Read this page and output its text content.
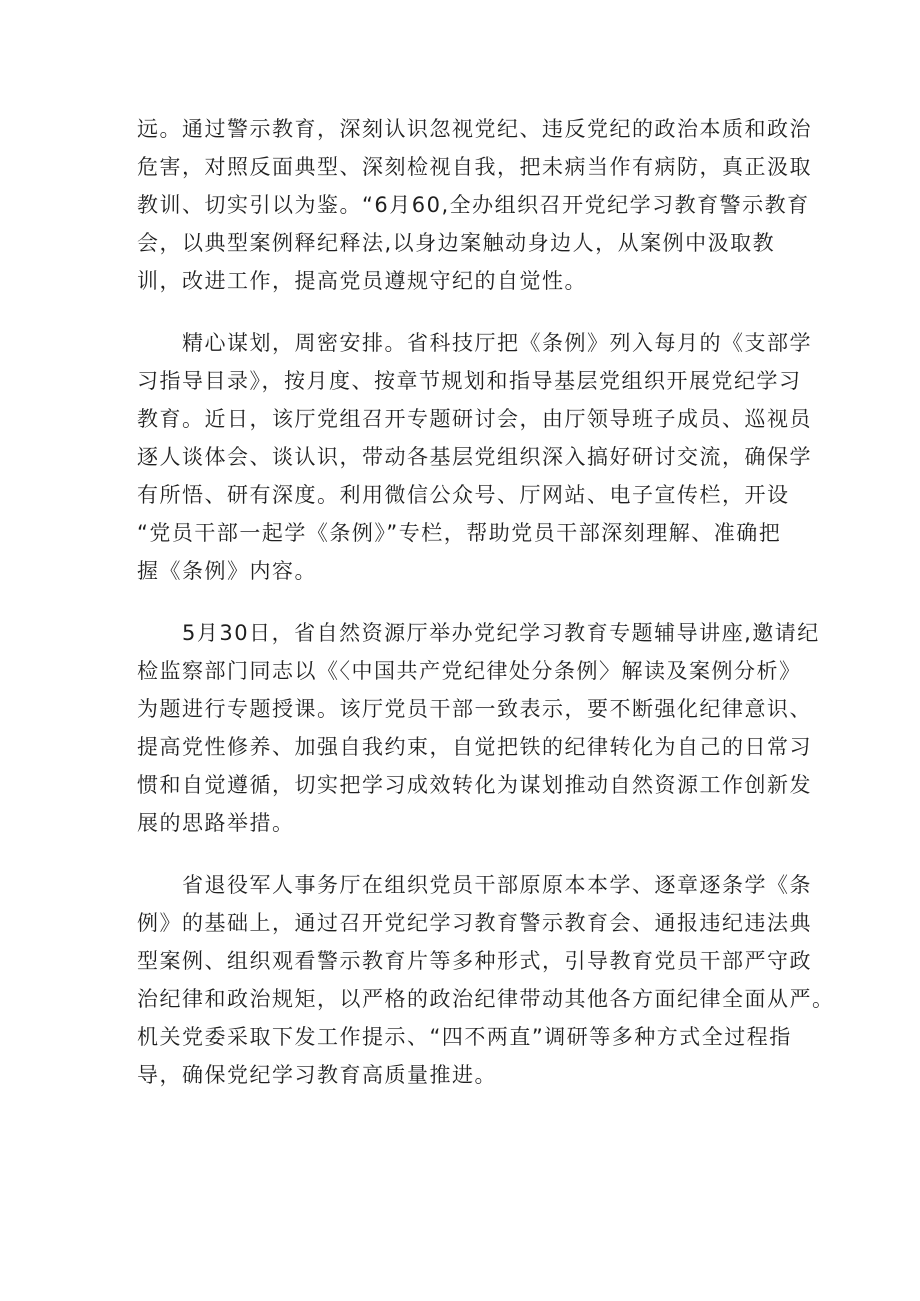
远。通过警示教育，深刻认识忽视党纪、违反党纪的政治本质和政治
危害，对照反面典型、深刻检视自我，把未病当作有病防，真正汲取
教训、切实引以为鉴。“6月60,全办组织召开党纪学习教育警示教育
会，以典型案例释纪释法,以身边案触动身边人，从案例中汲取教
训，改进工作，提高党员遵规守纪的自觉性。
　　精心谋划，周密安排。省科技厅把《条例》列入每月的《支部学
习指导目录》，按月度、按章节规划和指导基层党组织开展党纪学习
教育。近日，该厅党组召开专题研讨会，由厅领导班子成员、巡视员
逐人谈体会、谈认识，带动各基层党组织深入搞好研讨交流，确保学
有所悟、研有深度。利用微信公众号、厅网站、电子宣传栏，开设
“党员干部一起学《条例》”专栏，帮助党员干部深刻理解、准确把
握《条例》内容。
　　5月30日，省自然资源厅举办党纪学习教育专题辅导讲座,邀请纪
检监察部门同志以《〈中国共产党纪律处分条例〉解读及案例分析》
为题进行专题授课。该厅党员干部一致表示，要不断强化纪律意识、
提高党性修养、加强自我约束，自觉把铁的纪律转化为自己的日常习
惯和自觉遵循，切实把学习成效转化为谋划推动自然资源工作创新发
展的思路举措。
　　省退役军人事务厅在组织党员干部原原本本学、逐章逐条学《条
例》的基础上，通过召开党纪学习教育警示教育会、通报违纪违法典
型案例、组织观看警示教育片等多种形式，引导教育党员干部严守政
治纪律和政治规矩，以严格的政治纪律带动其他各方面纪律全面从严。
机关党委采取下发工作提示、“四不两直”调研等多种方式全过程指
导，确保党纪学习教育高质量推进。
